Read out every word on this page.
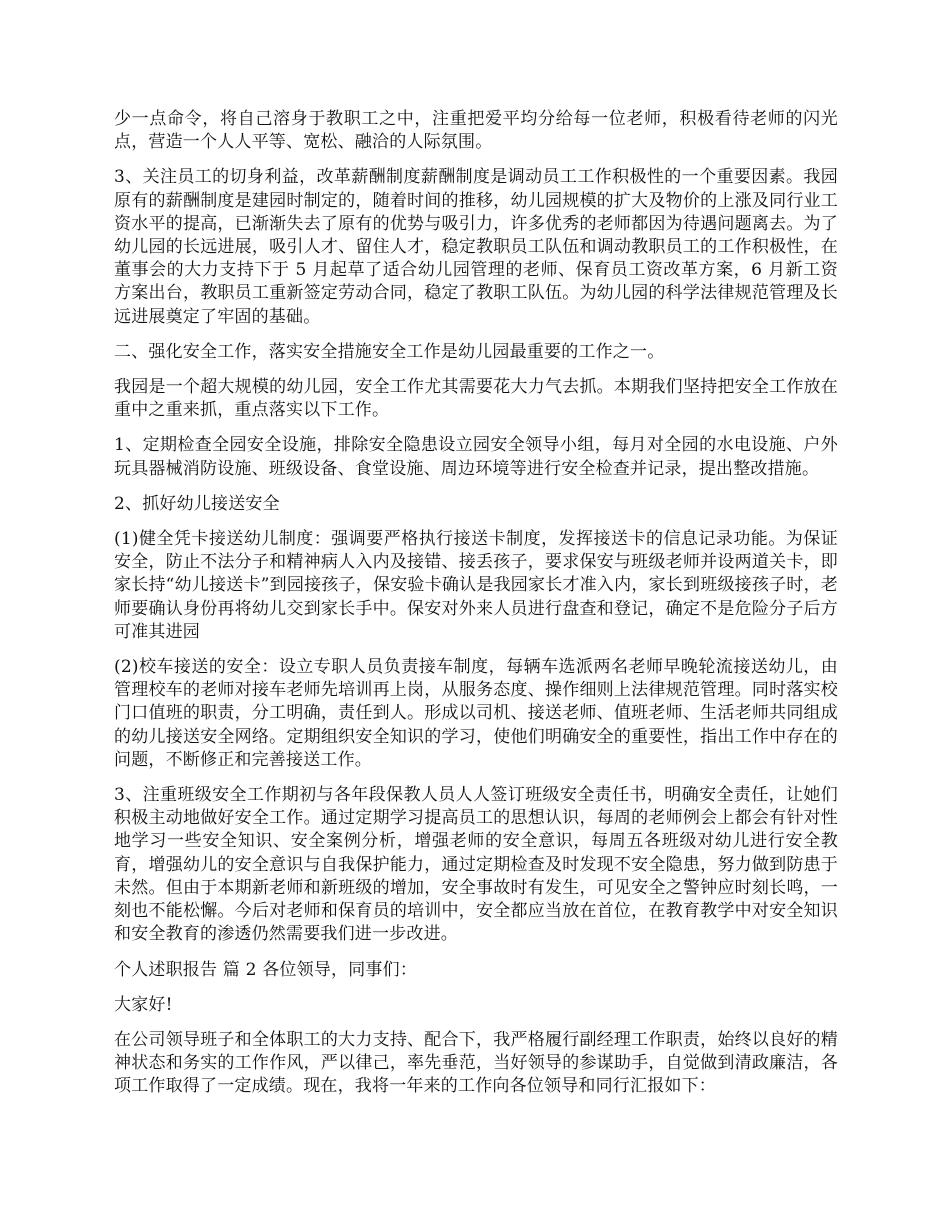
少一点命令，将自己溶身于教职工之中，注重把爱平均分给每一位老师，积极看待老师的闪光点，营造一个人人平等、宽松、融洽的人际氛围。

3、关注员工的切身利益，改革薪酬制度薪酬制度是调动员工工作积极性的一个重要因素。我园原有的薪酬制度是建园时制定的，随着时间的推移，幼儿园规模的扩大及物价的上涨及同行业工资水平的提高，已渐渐失去了原有的优势与吸引力，许多优秀的老师都因为待遇问题离去。为了幼儿园的长远进展，吸引人才、留住人才，稳定教职员工队伍和调动教职员工的工作积极性，在董事会的大力支持下于 5 月起草了适合幼儿园管理的老师、保育员工资改革方案，6 月新工资方案出台，教职员工重新签定劳动合同，稳定了教职工队伍。为幼儿园的科学法律规范管理及长远进展奠定了牢固的基础。

二、强化安全工作，落实安全措施安全工作是幼儿园最重要的工作之一。

我园是一个超大规模的幼儿园，安全工作尤其需要花大力气去抓。本期我们坚持把安全工作放在重中之重来抓，重点落实以下工作。

1、定期检查全园安全设施，排除安全隐患设立园安全领导小组，每月对全园的水电设施、户外玩具器械消防设施、班级设备、食堂设施、周边环境等进行安全检查并记录，提出整改措施。

2、抓好幼儿接送安全

(1)健全凭卡接送幼儿制度：强调要严格执行接送卡制度，发挥接送卡的信息记录功能。为保证安全，防止不法分子和精神病人入内及接错、接丢孩子，要求保安与班级老师并设两道关卡，即家长持“幼儿接送卡”到园接孩子，保安验卡确认是我园家长才准入内，家长到班级接孩子时，老师要确认身份再将幼儿交到家长手中。保安对外来人员进行盘查和登记，确定不是危险分子后方可准其进园

(2)校车接送的安全：设立专职人员负责接车制度，每辆车选派两名老师早晚轮流接送幼儿，由管理校车的老师对接车老师先培训再上岗，从服务态度、操作细则上法律规范管理。同时落实校门口值班的职责，分工明确，责任到人。形成以司机、接送老师、值班老师、生活老师共同组成的幼儿接送安全网络。定期组织安全知识的学习，使他们明确安全的重要性，指出工作中存在的问题，不断修正和完善接送工作。

3、注重班级安全工作期初与各年段保教人员人人签订班级安全责任书，明确安全责任，让她们积极主动地做好安全工作。通过定期学习提高员工的思想认识，每周的老师例会上都会有针对性地学习一些安全知识、安全案例分析，增强老师的安全意识，每周五各班级对幼儿进行安全教育，增强幼儿的安全意识与自我保护能力，通过定期检查及时发现不安全隐患，努力做到防患于未然。但由于本期新老师和新班级的增加，安全事故时有发生，可见安全之警钟应时刻长鸣，一刻也不能松懈。今后对老师和保育员的培训中，安全都应当放在首位，在教育教学中对安全知识和安全教育的渗透仍然需要我们进一步改进。

个人述职报告 篇 2 各位领导，同事们：

大家好!

在公司领导班子和全体职工的大力支持、配合下，我严格履行副经理工作职责，始终以良好的精神状态和务实的工作作风，严以律己，率先垂范，当好领导的参谋助手，自觉做到清政廉洁，各项工作取得了一定成绩。现在，我将一年来的工作向各位领导和同行汇报如下：
